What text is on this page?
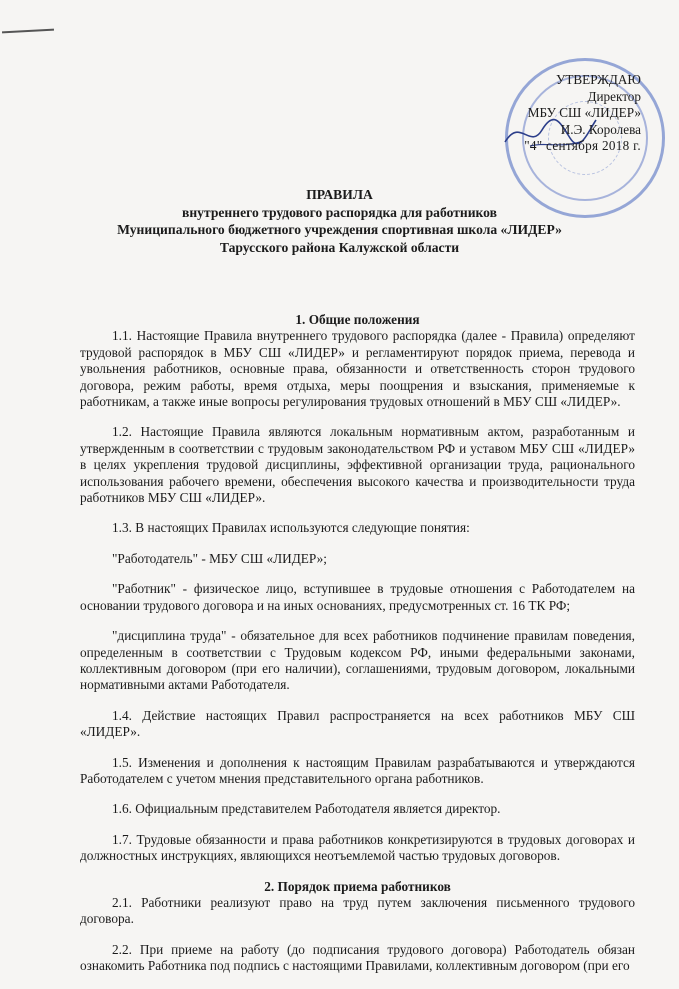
УТВЕРЖДАЮ
Директор
МБУ СШ «ЛИДЕР»
И.Э. Королева
"4" сентября 2018 г.
ПРАВИЛА
внутреннего трудового распорядка для работников
Муниципального бюджетного учреждения спортивная школа «ЛИДЕР»
Тарусского района Калужской области
1. Общие положения

1.1. Настоящие Правила внутреннего трудового распорядка (далее - Правила) определяют трудовой распорядок в МБУ СШ «ЛИДЕР» и регламентируют порядок приема, перевода и увольнения работников, основные права, обязанности и ответственность сторон трудового договора, режим работы, время отдыха, меры поощрения и взыскания, применяемые к работникам, а также иные вопросы регулирования трудовых отношений в МБУ СШ «ЛИДЕР».

1.2. Настоящие Правила являются локальным нормативным актом, разработанным и утвержденным в соответствии с трудовым законодательством РФ и уставом МБУ СШ «ЛИДЕР» в целях укрепления трудовой дисциплины, эффективной организации труда, рационального использования рабочего времени, обеспечения высокого качества и производительности труда работников МБУ СШ «ЛИДЕР».

1.3. В настоящих Правилах используются следующие понятия:

"Работодатель" - МБУ СШ «ЛИДЕР»;

"Работник" - физическое лицо, вступившее в трудовые отношения с Работодателем на основании трудового договора и на иных основаниях, предусмотренных ст. 16 ТК РФ;

"дисциплина труда" - обязательное для всех работников подчинение правилам поведения, определенным в соответствии с Трудовым кодексом РФ, иными федеральными законами, коллективным договором (при его наличии), соглашениями, трудовым договором, локальными нормативными актами Работодателя.

1.4. Действие настоящих Правил распространяется на всех работников МБУ СШ «ЛИДЕР».

1.5. Изменения и дополнения к настоящим Правилам разрабатываются и утверждаются Работодателем с учетом мнения представительного органа работников.

1.6. Официальным представителем Работодателя является директор.

1.7. Трудовые обязанности и права работников конкретизируются в трудовых договорах и должностных инструкциях, являющихся неотъемлемой частью трудовых договоров.

2. Порядок приема работников

2.1. Работники реализуют право на труд путем заключения письменного трудового договора.

2.2. При приеме на работу (до подписания трудового договора) Работодатель обязан ознакомить Работника под подпись с настоящими Правилами, коллективным договором (при его
